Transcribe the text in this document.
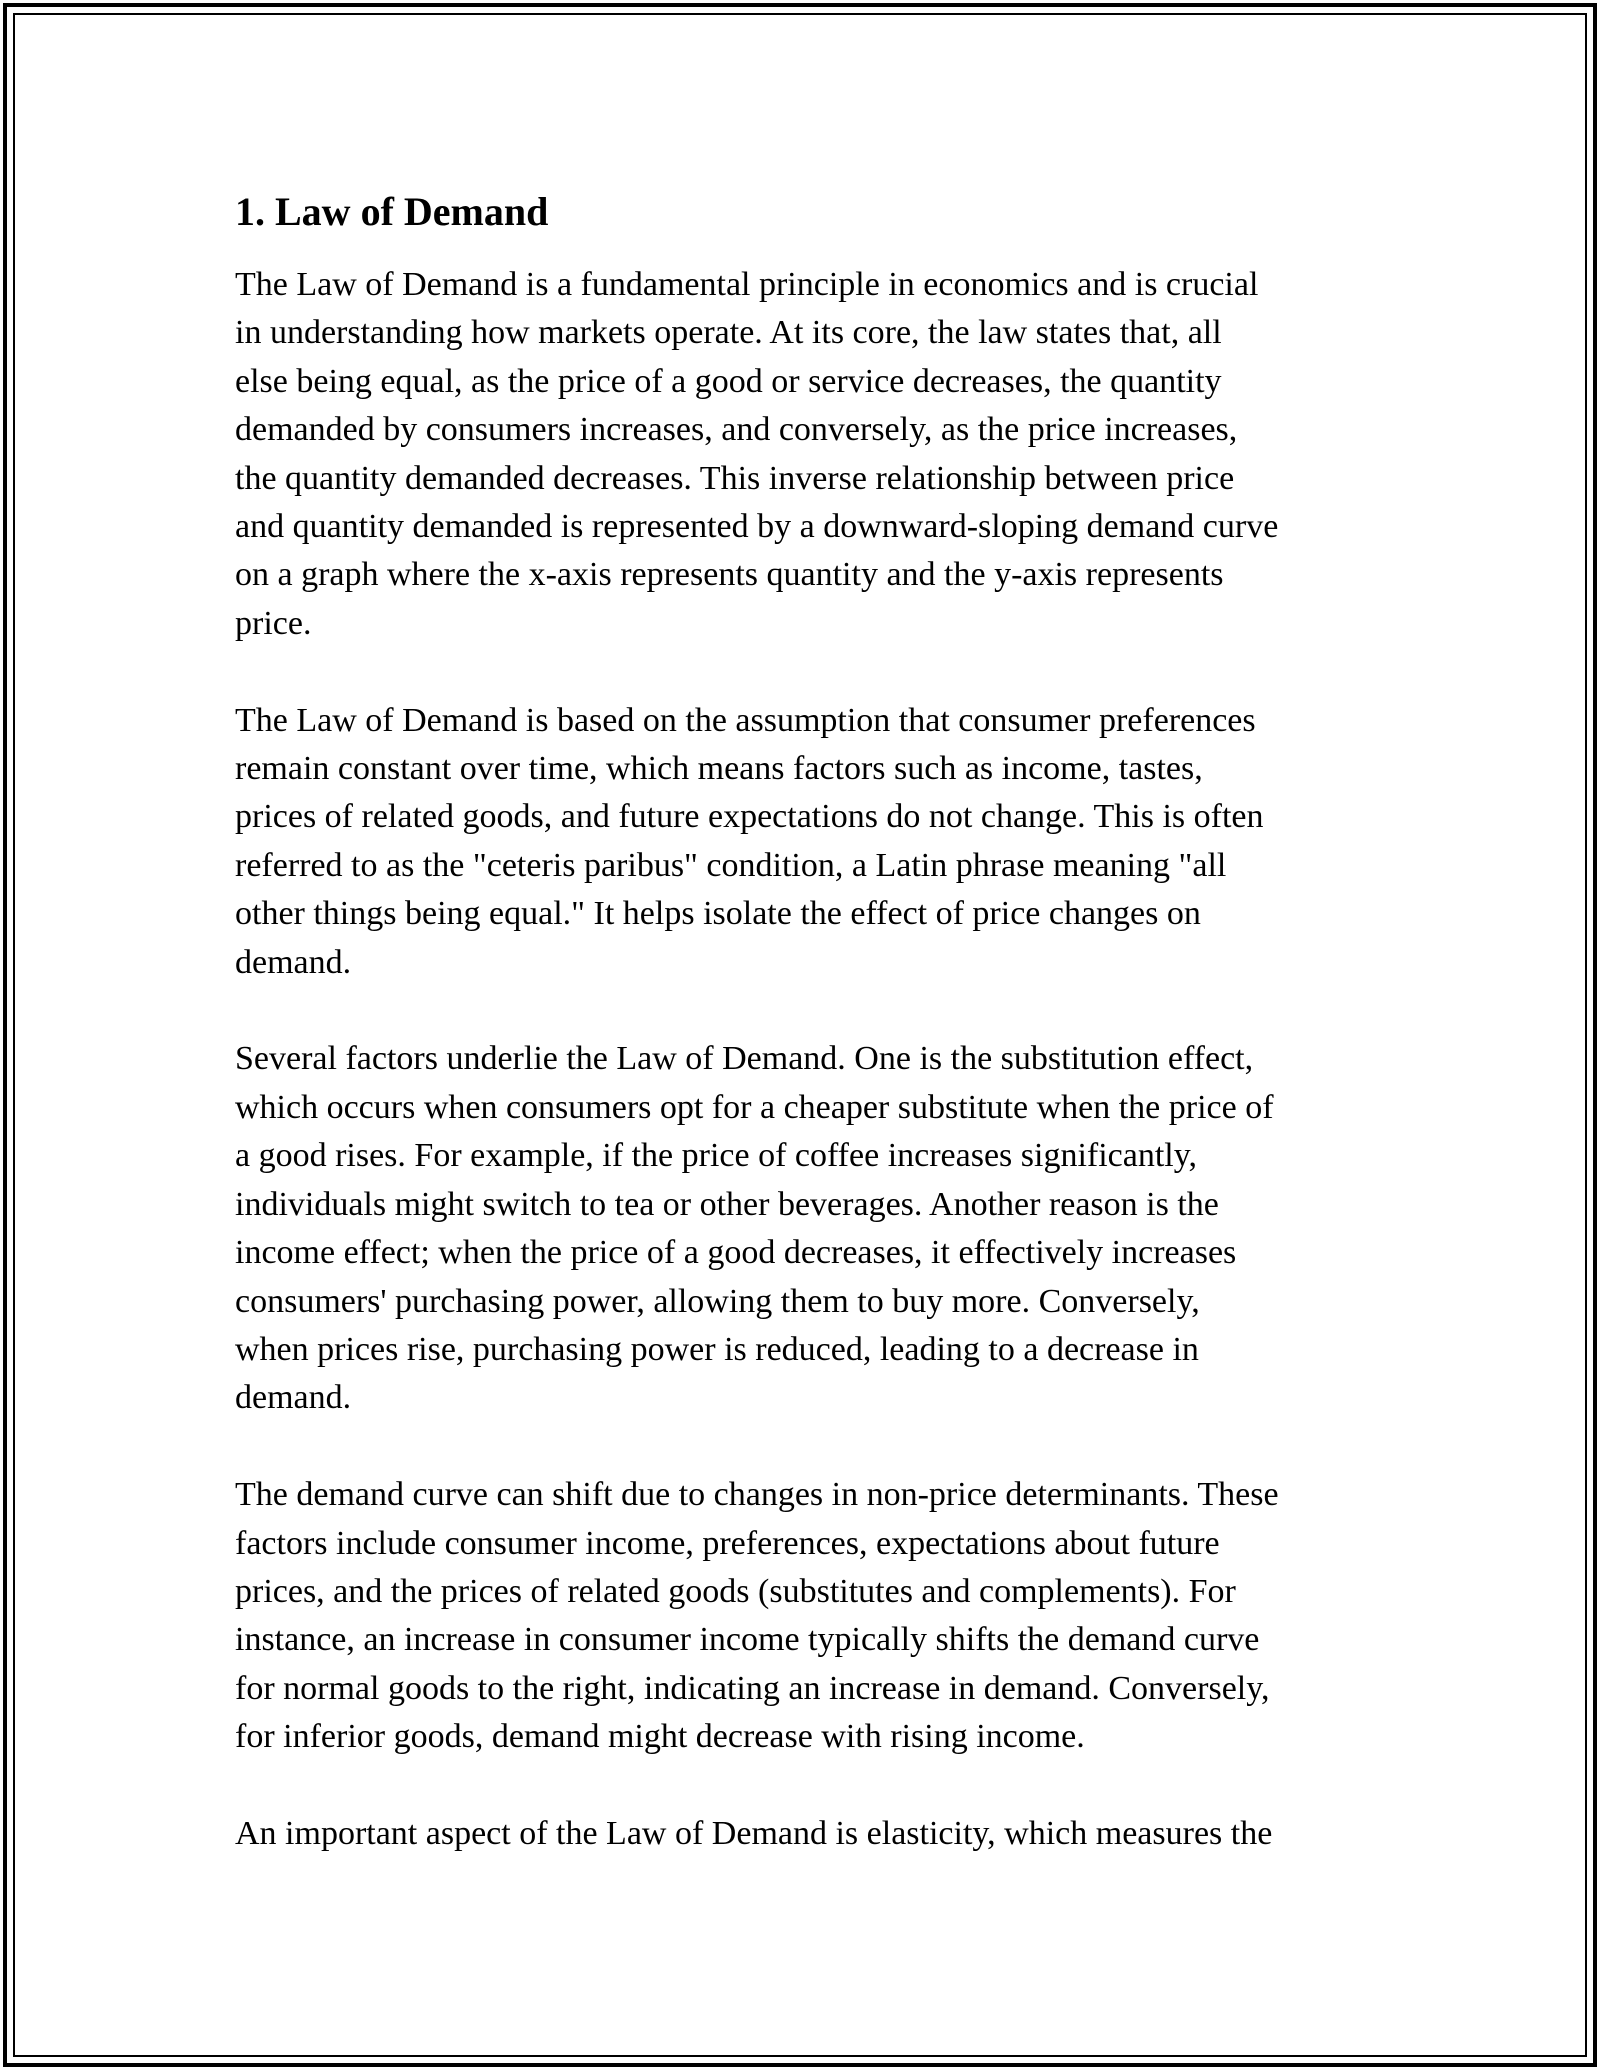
1. Law of Demand

The Law of Demand is a fundamental principle in economics and is crucial
in understanding how markets operate. At its core, the law states that, all
else being equal, as the price of a good or service decreases, the quantity
demanded by consumers increases, and conversely, as the price increases,
the quantity demanded decreases. This inverse relationship between price
and quantity demanded is represented by a downward-sloping demand curve
on a graph where the x-axis represents quantity and the y-axis represents
price.

The Law of Demand is based on the assumption that consumer preferences
remain constant over time, which means factors such as income, tastes,
prices of related goods, and future expectations do not change. This is often
referred to as the "ceteris paribus" condition, a Latin phrase meaning "all
other things being equal." It helps isolate the effect of price changes on
demand.

Several factors underlie the Law of Demand. One is the substitution effect,
which occurs when consumers opt for a cheaper substitute when the price of
a good rises. For example, if the price of coffee increases significantly,
individuals might switch to tea or other beverages. Another reason is the
income effect; when the price of a good decreases, it effectively increases
consumers' purchasing power, allowing them to buy more. Conversely,
when prices rise, purchasing power is reduced, leading to a decrease in
demand.

The demand curve can shift due to changes in non-price determinants. These
factors include consumer income, preferences, expectations about future
prices, and the prices of related goods (substitutes and complements). For
instance, an increase in consumer income typically shifts the demand curve
for normal goods to the right, indicating an increase in demand. Conversely,
for inferior goods, demand might decrease with rising income.

An important aspect of the Law of Demand is elasticity, which measures the
